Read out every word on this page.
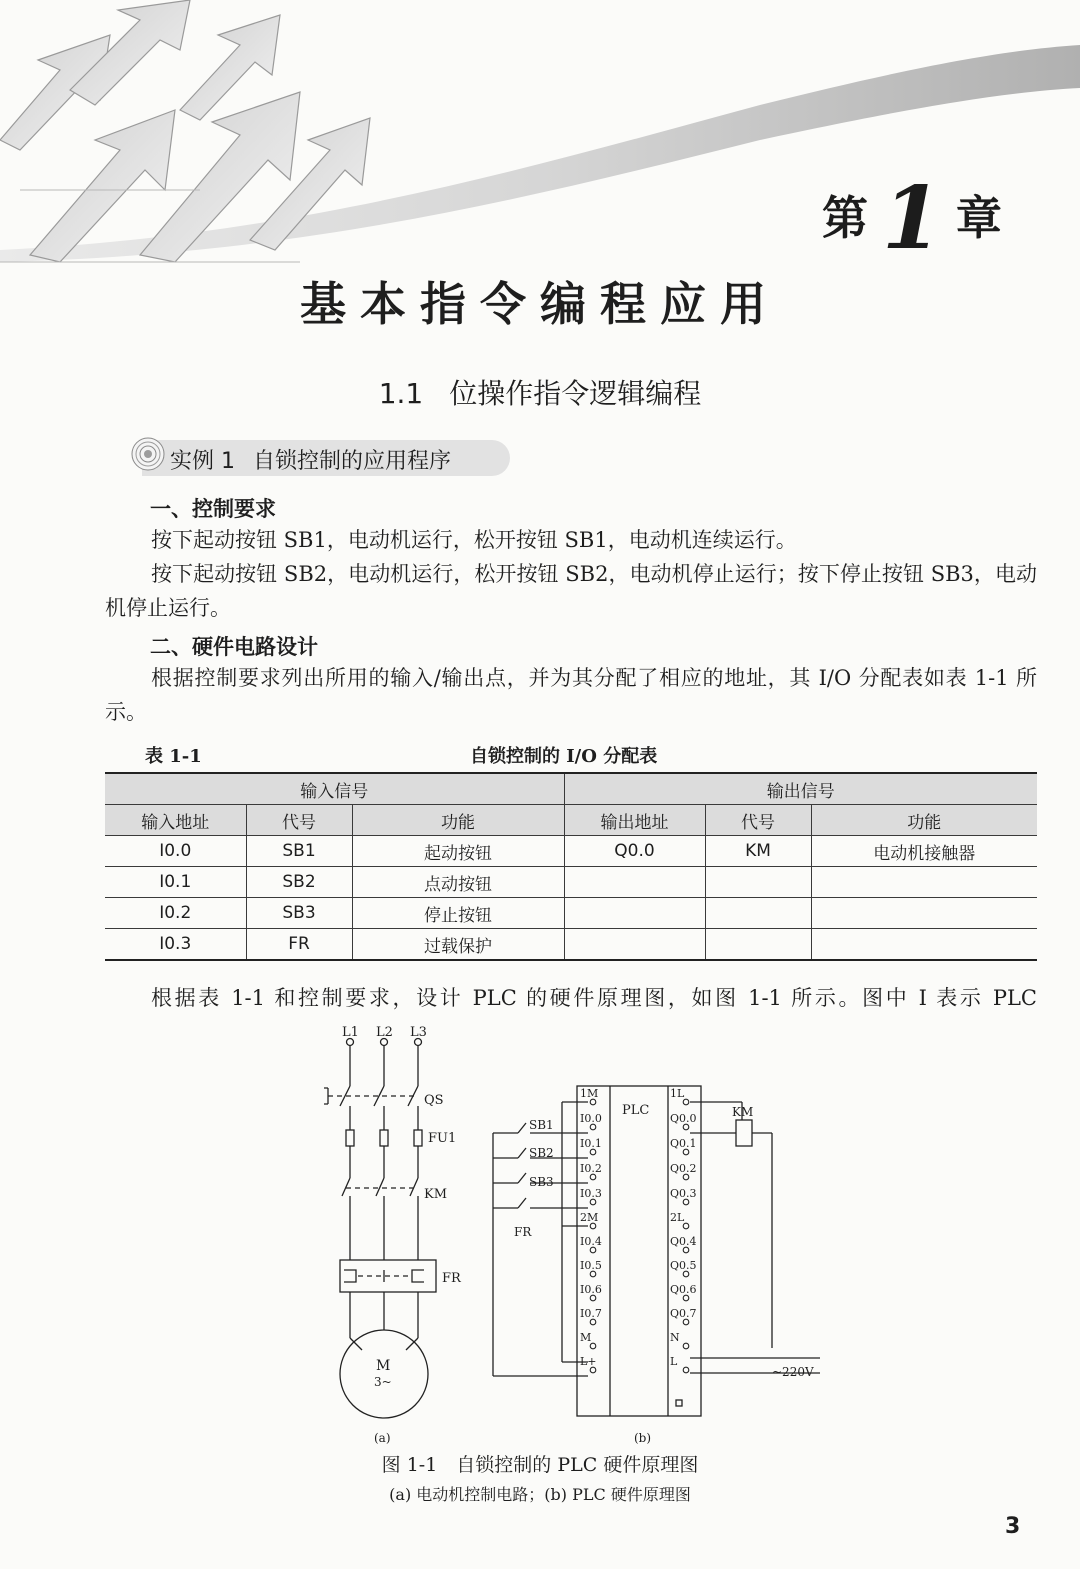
第 1 章
基本指令编程应用
1.1 位操作指令逻辑编程
实例 1 自锁控制的应用程序
一、控制要求
按下起动按钮 SB1，电动机运行，松开按钮 SB1，电动机连续运行。
按下起动按钮 SB2，电动机运行，松开按钮 SB2，电动机停止运行；按下停止按钮 SB3，电动机停止运行。
二、硬件电路设计
根据控制要求列出所用的输入/输出点，并为其分配了相应的地址，其 I/O 分配表如表 1-1 所示。
表 1-1	自锁控制的 I/O 分配表
输入信号			输出信号		
输入地址	代号	功能	输出地址	代号	功能
I0.0	SB1	起动按钮	Q0.0	KM	电动机接触器
I0.1	SB2	点动按钮			
I0.2	SB3	停止按钮			
I0.3	FR	过载保护			
根据表 1-1 和控制要求，设计 PLC 的硬件原理图，如图 1-1 所示。图中 I 表示 PLC
L1 L2 L3
QS
FU1
KM
FR
M
3~
(a)
PLC
SB1
SB2
SB3
FR
KM
~220V
(b)
1M
I0.0
I0.1
I0.2
I0.3
2M
I0.4
I0.5
I0.6
I0.7
M
L+
1L
Q0.0
Q0.1
Q0.2
Q0.3
2L
Q0.4
Q0.5
Q0.6
Q0.7
N
L
图 1-1　自锁控制的 PLC 硬件原理图
(a) 电动机控制电路；(b) PLC 硬件原理图
3
